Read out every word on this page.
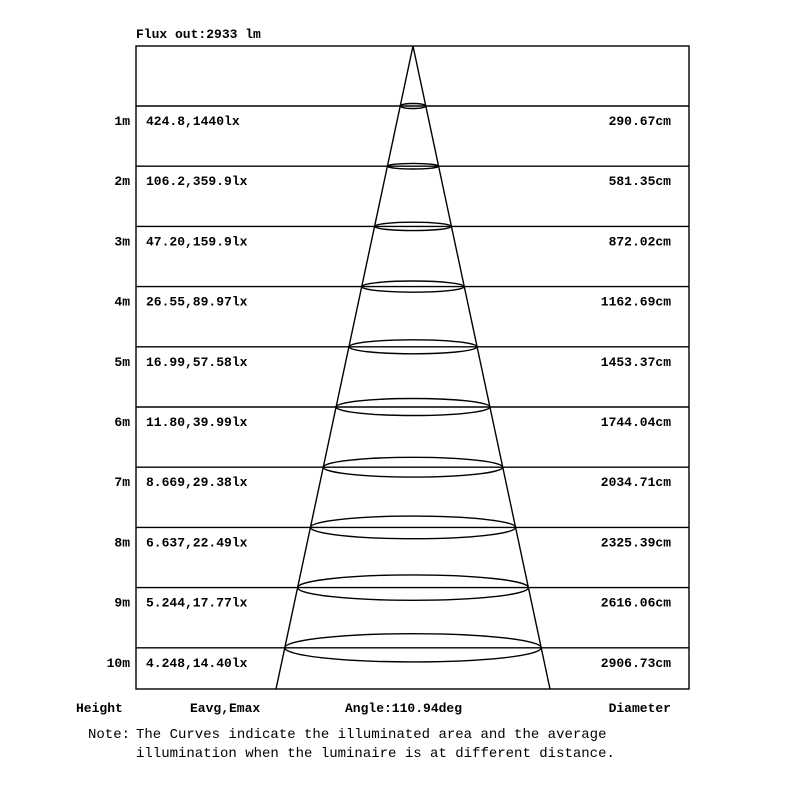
Flux out:2933 lm
1m 424.8,1440lx	290.67cm
2m 106.2,359.9lx	581.35cm
3m 47.20,159.9lx	872.02cm
4m 26.55,89.97lx	1162.69cm
5m 16.99,57.58lx	1453.37cm
6m 11.80,39.99lx	1744.04cm
7m 8.669,29.38lx	2034.71cm
8m 6.637,22.49lx	2325.39cm
9m 5.244,17.77lx	2616.06cm
10m 4.248,14.40lx	2906.73cm
Height	Eavg,Emax	Angle:110.94deg	Diameter
Note: The Curves indicate the illuminated area and the average
illumination when the luminaire is at different distance.
